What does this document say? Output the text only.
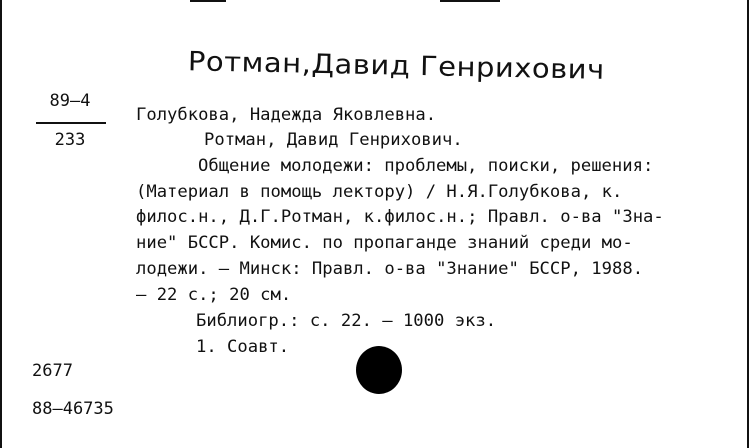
Ротман,Давид Генрихович
89–4
233
Голубкова, Надежда Яковлевна.
Ротман, Давид Генрихович.
Общение молодежи: проблемы, поиски, решения:
(Материал в помощь лектору) / Н.Я.Голубкова, к.
филос.н., Д.Г.Ротман, к.филос.н.; Правл. о-ва "Зна-
ние" БССР. Комис. по пропаганде знаний среди мо-
лодежи. – Минск: Правл. о-ва "Знание" БССР, 1988.
– 22 с.; 20 см.
Библиогр.: с. 22. – 1000 экз.
1. Соавт.
2677
88–46735
